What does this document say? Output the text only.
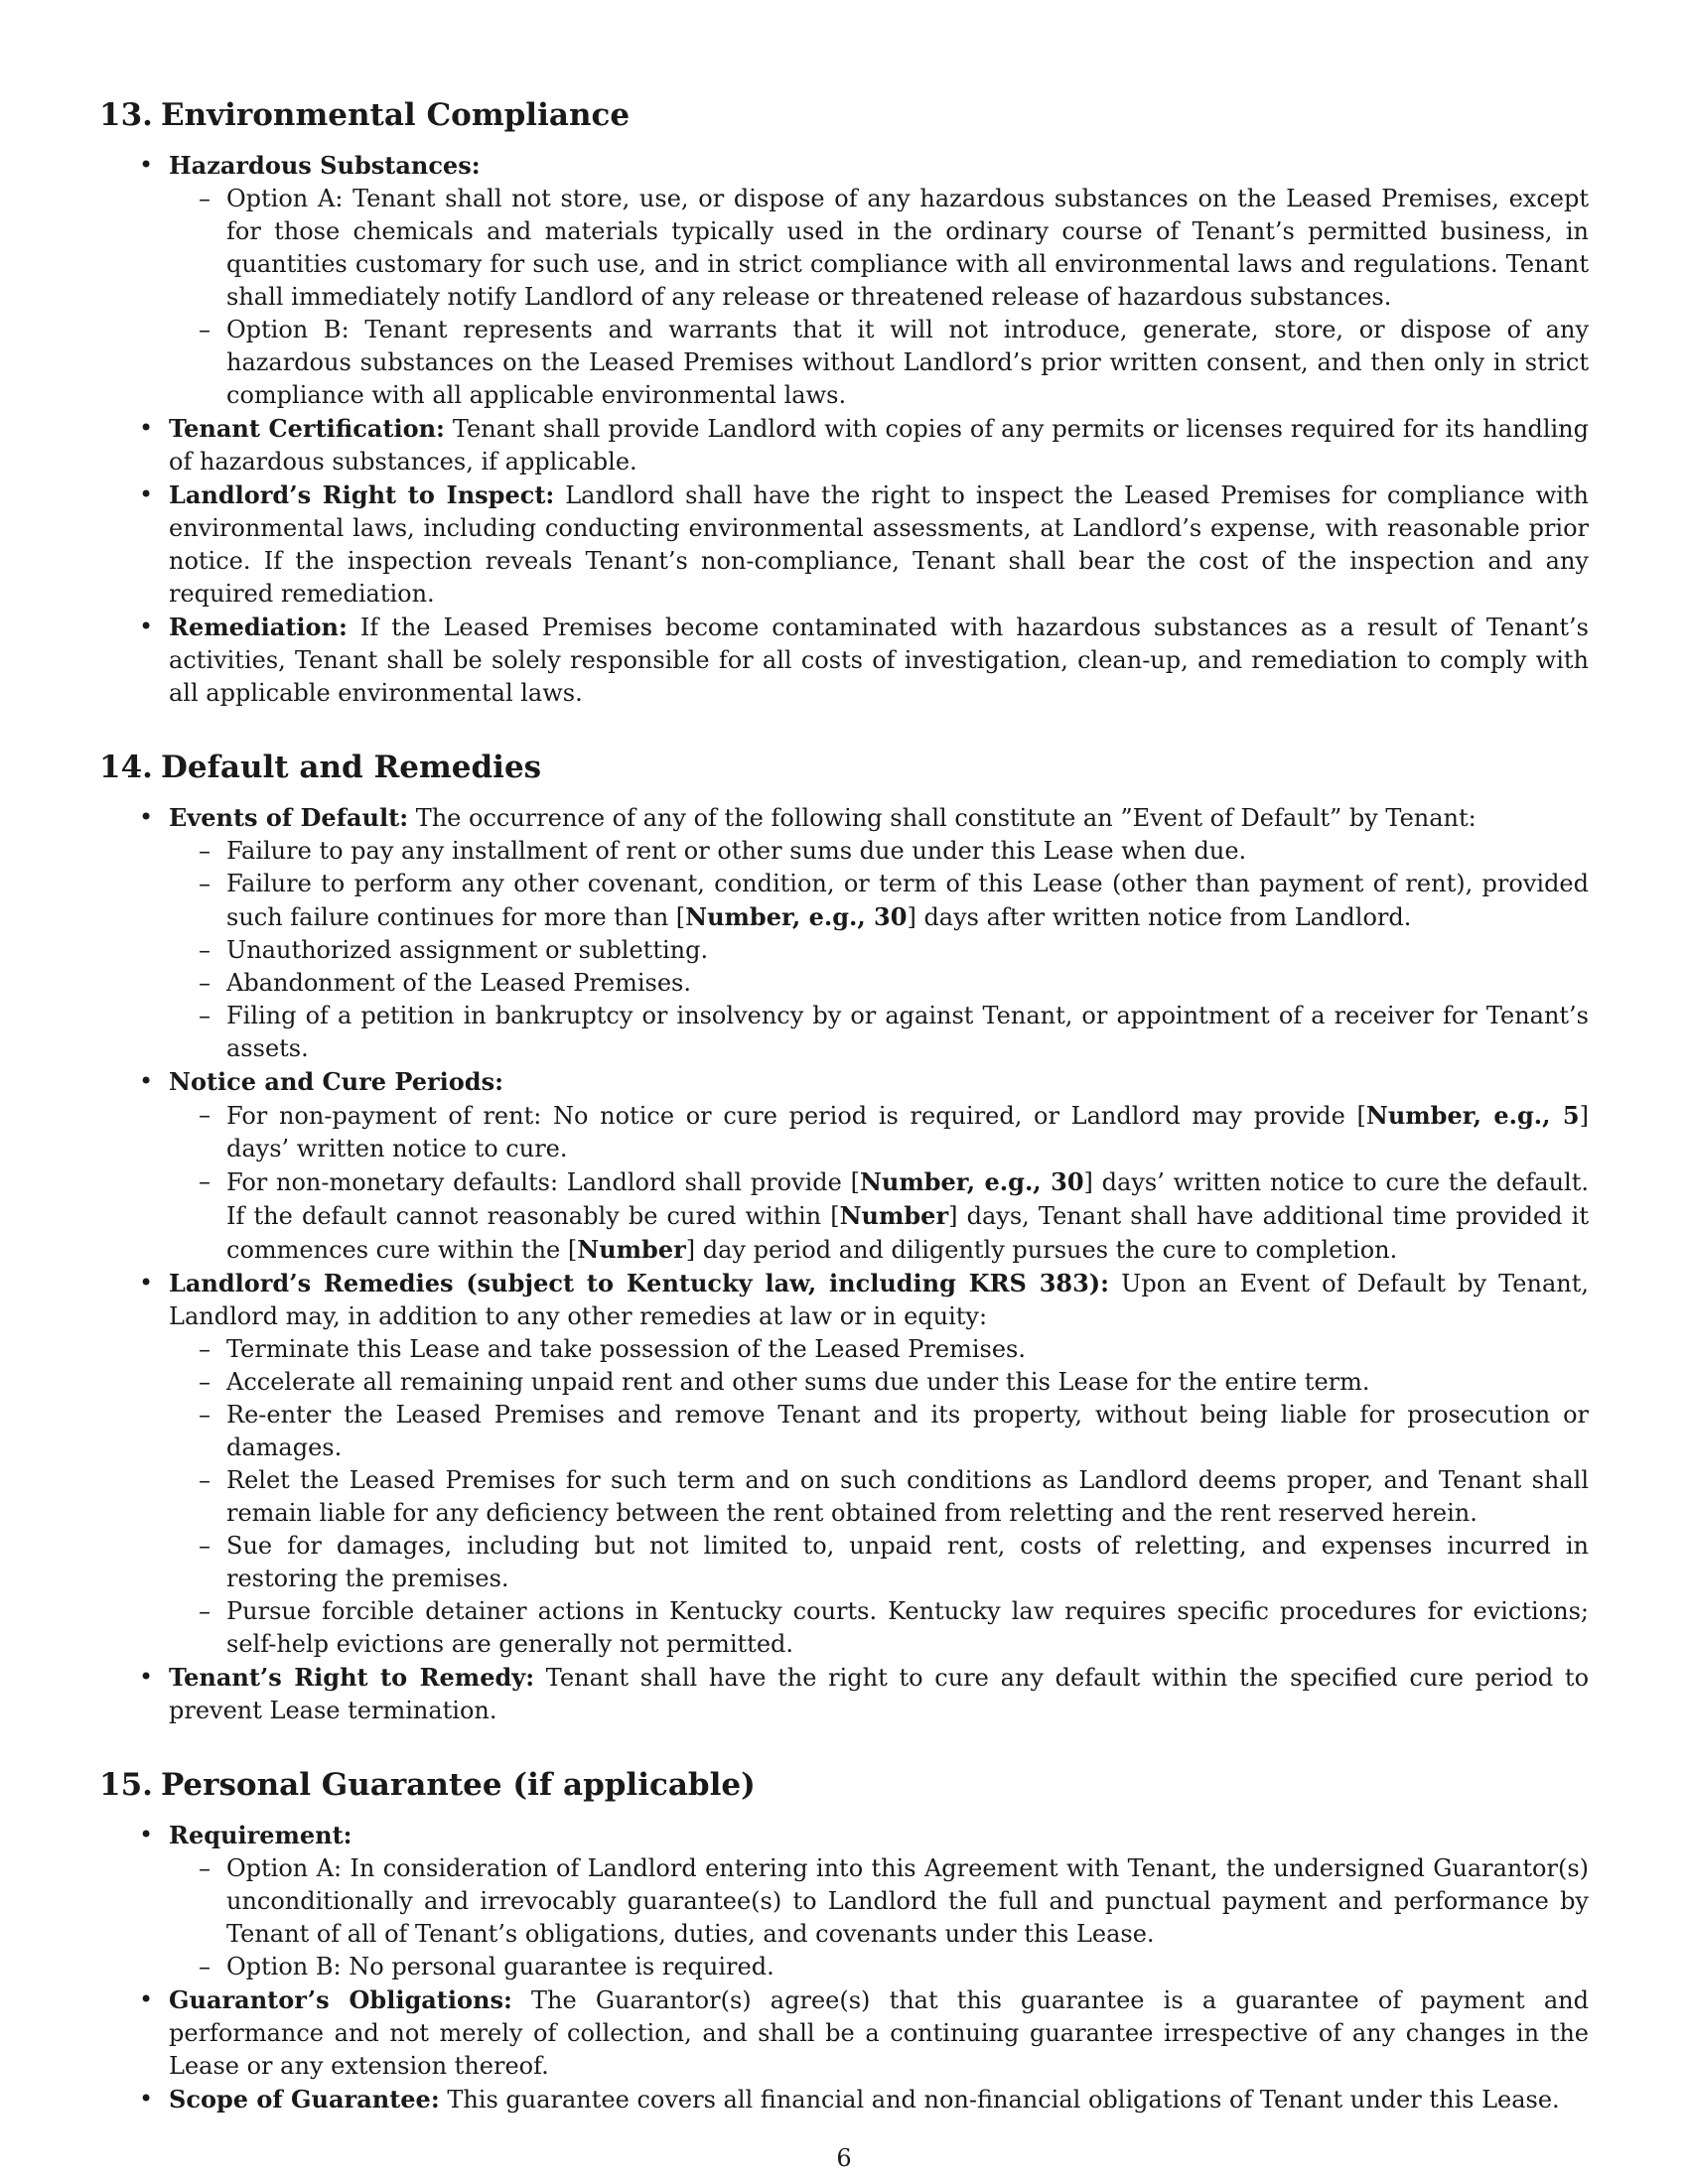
13. Environmental Compliance
• Hazardous Substances:
– Option A: Tenant shall not store, use, or dispose of any hazardous substances on the Leased Premises, except for those chemicals and materials typically used in the ordinary course of Tenant’s permitted business, in quantities customary for such use, and in strict compliance with all environmental laws and regulations. Tenant shall immediately notify Landlord of any release or threatened release of hazardous substances.
– Option B: Tenant represents and warrants that it will not introduce, generate, store, or dispose of any hazardous substances on the Leased Premises without Landlord’s prior written consent, and then only in strict compliance with all applicable environmental laws.
• Tenant Certification: Tenant shall provide Landlord with copies of any permits or licenses required for its handling of hazardous substances, if applicable.
• Landlord’s Right to Inspect: Landlord shall have the right to inspect the Leased Premises for compliance with environmental laws, including conducting environmental assessments, at Landlord’s expense, with reasonable prior notice. If the inspection reveals Tenant’s non-compliance, Tenant shall bear the cost of the inspection and any required remediation.
• Remediation: If the Leased Premises become contaminated with hazardous substances as a result of Tenant’s activities, Tenant shall be solely responsible for all costs of investigation, clean-up, and remediation to comply with all applicable environmental laws.
14. Default and Remedies
• Events of Default: The occurrence of any of the following shall constitute an ”Event of Default” by Tenant:
– Failure to pay any installment of rent or other sums due under this Lease when due.
– Failure to perform any other covenant, condition, or term of this Lease (other than payment of rent), provided such failure continues for more than [Number, e.g., 30] days after written notice from Landlord.
– Unauthorized assignment or subletting.
– Abandonment of the Leased Premises.
– Filing of a petition in bankruptcy or insolvency by or against Tenant, or appointment of a receiver for Tenant’s assets.
• Notice and Cure Periods:
– For non-payment of rent: No notice or cure period is required, or Landlord may provide [Number, e.g., 5] days’ written notice to cure.
– For non-monetary defaults: Landlord shall provide [Number, e.g., 30] days’ written notice to cure the default. If the default cannot reasonably be cured within [Number] days, Tenant shall have additional time provided it commences cure within the [Number] day period and diligently pursues the cure to completion.
• Landlord’s Remedies (subject to Kentucky law, including KRS 383): Upon an Event of Default by Tenant, Landlord may, in addition to any other remedies at law or in equity:
– Terminate this Lease and take possession of the Leased Premises.
– Accelerate all remaining unpaid rent and other sums due under this Lease for the entire term.
– Re-enter the Leased Premises and remove Tenant and its property, without being liable for prosecution or damages.
– Relet the Leased Premises for such term and on such conditions as Landlord deems proper, and Tenant shall remain liable for any deficiency between the rent obtained from reletting and the rent reserved herein.
– Sue for damages, including but not limited to, unpaid rent, costs of reletting, and expenses incurred in restoring the premises.
– Pursue forcible detainer actions in Kentucky courts. Kentucky law requires specific procedures for evictions; self-help evictions are generally not permitted.
• Tenant’s Right to Remedy: Tenant shall have the right to cure any default within the specified cure period to prevent Lease termination.
15. Personal Guarantee (if applicable)
• Requirement:
– Option A: In consideration of Landlord entering into this Agreement with Tenant, the undersigned Guarantor(s) unconditionally and irrevocably guarantee(s) to Landlord the full and punctual payment and performance by Tenant of all of Tenant’s obligations, duties, and covenants under this Lease.
– Option B: No personal guarantee is required.
• Guarantor’s Obligations: The Guarantor(s) agree(s) that this guarantee is a guarantee of payment and performance and not merely of collection, and shall be a continuing guarantee irrespective of any changes in the Lease or any extension thereof.
• Scope of Guarantee: This guarantee covers all financial and non-financial obligations of Tenant under this Lease.
6
